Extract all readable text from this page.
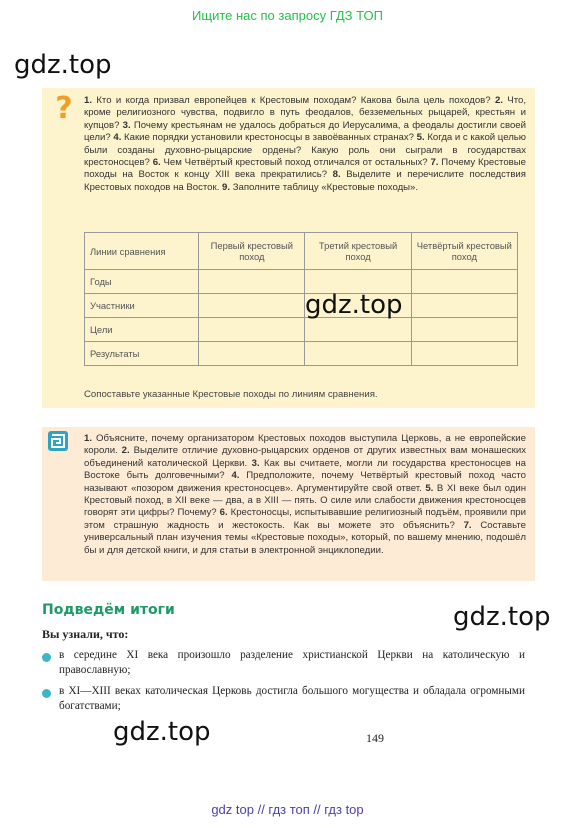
Ищите нас по запросу ГДЗ ТОП
gdz.top
?	1. Кто и когда призвал европейцев к Крестовым походам? Какова была цель походов? 2. Что, кроме религиозного чувства, подвигло в путь феодалов, безземельных рыцарей, крестьян и купцов? 3. Почему крестьянам не удалось добраться до Иерусалима, а феодалы достигли своей цели? 4. Какие порядки установили крестоносцы в завоёванных странах? 5. Когда и с какой целью были созданы духовно-рыцарские ордены? Какую роль они сыграли в государствах крестоносцев? 6. Чем Четвёртый крестовый поход отличался от остальных? 7. Почему Крестовые походы на Восток к концу XIII века прекратились? 8. Выделите и перечислите последствия Крестовых походов на Восток. 9. Заполните таблицу «Крестовые походы».
Линии сравнения	Первый крестовый поход	Третий крестовый поход	Четвёртый крестовый поход
Годы			
Участники			
Цели			
Результаты			
gdz.top
Сопоставьте указанные Крестовые походы по линиям сравнения.
1. Объясните, почему организатором Крестовых походов выступила Церковь, а не европейские короли. 2. Выделите отличие духовно-рыцарских орденов от других известных вам монашеских объединений католической Церкви. 3. Как вы считаете, могли ли государства крестоносцев на Востоке быть долговечными? 4. Предположите, почему Четвёртый крестовый поход часто называют «позором движения крестоносцев». Аргументируйте свой ответ. 5. В XI веке был один Крестовый поход, в XII веке — два, а в XIII — пять. О силе или слабости движения крестоносцев говорят эти цифры? Почему? 6. Крестоносцы, испытывавшие религиозный подъём, проявили при этом страшную жадность и жестокость. Как вы можете это объяснить? 7. Составьте универсальный план изучения темы «Крестовые походы», который, по вашему мнению, подошёл бы и для детской книги, и для статьи в электронной энциклопедии.
Подведём итоги	gdz.top
Вы узнали, что:
в середине XI века произошло разделение христианской Церкви на католическую и православную;
в XI—XIII веках католическая Церковь достигла большого могущества и обладала огромными богатствами;
gdz.top	149
gdz top // гдз топ // гдз top
